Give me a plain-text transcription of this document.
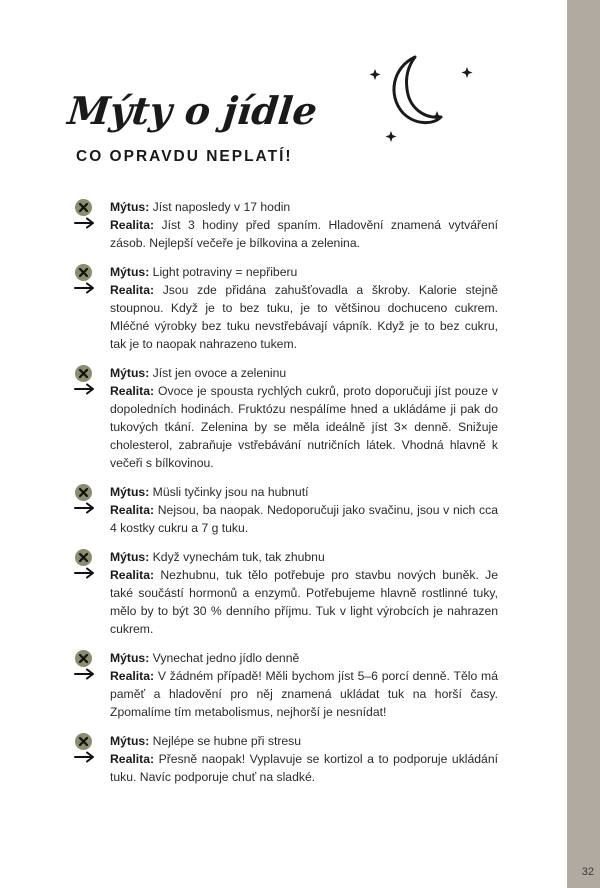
32
Mýty o jídle
CO OPRAVDU NEPLATÍ!
Mýtus: Jíst naposledy v 17 hodin
Realita: Jíst 3 hodiny před spaním. Hladovění znamená vytváření zásob. Nejlepší večeře je bílkovina a zelenina.
Mýtus: Light potraviny = nepřiberu
Realita: Jsou zde přidána zahušťovadla a škroby. Kalorie stejně stoupnou. Když je to bez tuku, je to většinou dochuceno cukrem. Mléčné výrobky bez tuku nevstřebávají vápník. Když je to bez cukru, tak je to naopak nahrazeno tukem.
Mýtus: Jíst jen ovoce a zeleninu
Realita: Ovoce je spousta rychlých cukrů, proto doporučuji jíst pouze v dopoledních hodinách. Fruktózu nespálíme hned a ukládáme ji pak do tukových tkání. Zelenina by se měla ideálně jíst 3× denně. Snižuje cholesterol, zabraňuje vstřebávání nutričních látek. Vhodná hlavně k večeři s bílkovinou.
Mýtus: Müsli tyčinky jsou na hubnutí
Realita: Nejsou, ba naopak. Nedoporučuji jako svačinu, jsou v nich cca 4 kostky cukru a 7 g tuku.
Mýtus: Když vynechám tuk, tak zhubnu
Realita: Nezhubnu, tuk tělo potřebuje pro stavbu nových buněk. Je také součástí hormonů a enzymů. Potřebujeme hlavně rostlinné tuky, mělo by to být 30 % denního příjmu. Tuk v light výrobcích je nahrazen cukrem.
Mýtus: Vynechat jedno jídlo denně
Realita: V žádném případě! Měli bychom jíst 5–6 porcí denně. Tělo má paměť a hladovění pro něj znamená ukládat tuk na horší časy. Zpomalíme tím metabolismus, nejhorší je nesnídat!
Mýtus: Nejlépe se hubne při stresu
Realita: Přesně naopak! Vyplavuje se kortizol a to podporuje ukládání tuku. Navíc podporuje chuť na sladké.
